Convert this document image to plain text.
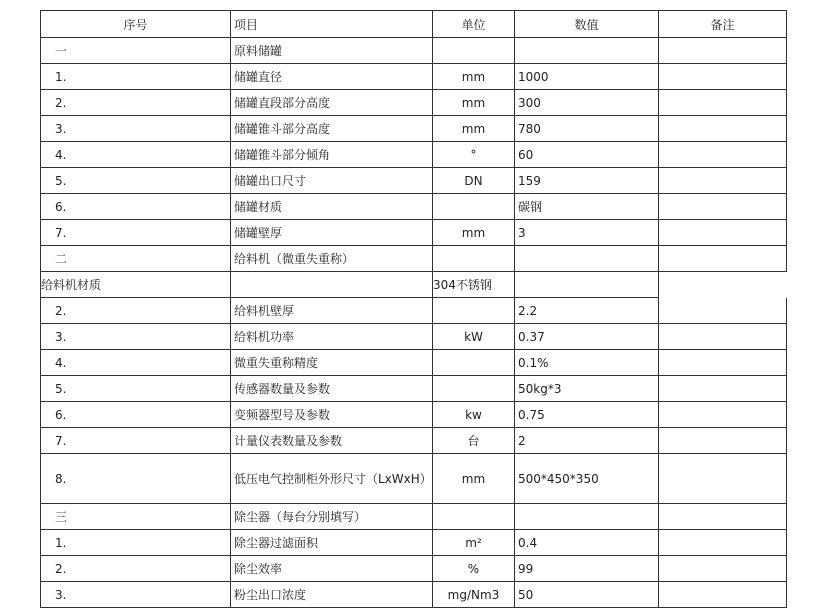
序号	项目	单位	数值	备注
一	原料储罐			
1.	储罐直径	mm	1000	
2.	储罐直段部分高度	mm	300	
3.	储罐锥斗部分高度	mm	780	
4.	储罐锥斗部分倾角	°	60	
5.	储罐出口尺寸	DN	159	
6.	储罐材质		碳钢	
7.	储罐壁厚	mm	3	
二	给料机（微重失重称）			
给料机材质		304不锈钢		
2.	给料机壁厚		2.2	
3.	给料机功率	kW	0.37	
4.	微重失重称精度		0.1%	
5.	传感器数量及参数		50kg*3	
6.	变频器型号及参数	kw	0.75	
7.	计量仪表数量及参数	台	2	
8.	低压电气控制柜外形尺寸（LxWxH）	mm	500*450*350	
三	除尘器（每台分别填写）			
1.	除尘器过滤面积	m²	0.4	
2.	除尘效率	%	99	
3.	粉尘出口浓度	mg/Nm3	50	
